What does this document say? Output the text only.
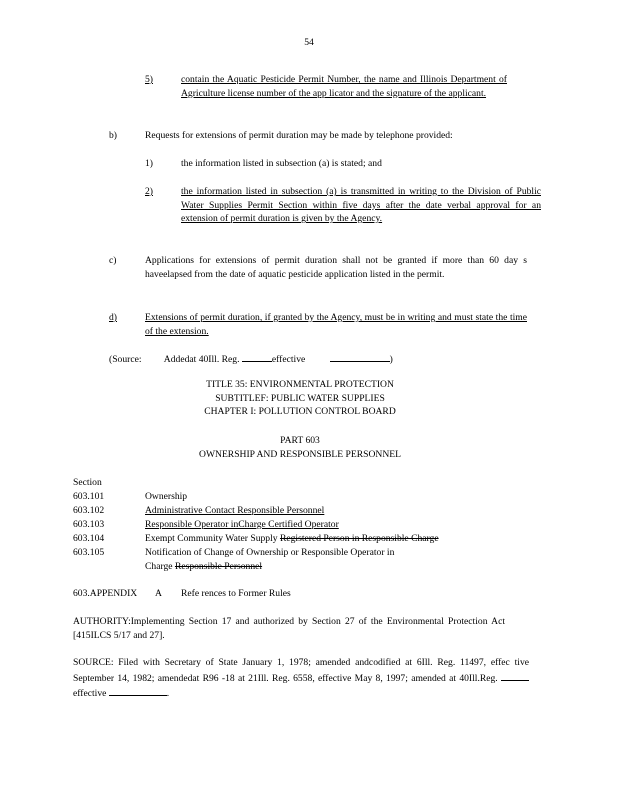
54
5)	contain the Aquatic Pesticide Permit Number, the name and Illinois Department of Agriculture license number of the app licator and the signature of the applicant.
b)	Requests for extensions of permit duration may be made by telephone provided:
1)	the information listed in subsection (a) is stated; and
2)	the information listed in subsection (a) is transmitted in writing to the Division of Public Water Supplies Permit Section within five days after the date verbal approval for an extension of permit duration is given by the Agency.
c)	Applications for extensions of permit duration shall not be granted if more than 60 day s haveelapsed from the date of aquatic pesticide application listed in the permit.
d)	Extensions of permit duration, if granted by the Agency, must be in writing and must state the time of the extension.
(Source: Addedat 40Ill. Reg.	effective	)
TITLE 35: ENVIRONMENTAL PROTECTION
SUBTITLEF: PUBLIC WATER SUPPLIES
CHAPTER I: POLLUTION CONTROL BOARD
PART 603
OWNERSHIP AND RESPONSIBLE PERSONNEL
Section
603.101	Ownership
603.102	Administrative Contact Responsible Personnel
603.103	Responsible Operator inCharge Certified Operator
603.104	Exempt Community Water Supply Registered Person in Responsible Charge
603.105	Notification of Change of Ownership or Responsible Operator in
Charge Responsible Personnel
603.APPENDIX A Refe rences to Former Rules
AUTHORITY:Implementing Section 17 and authorized by Section 27 of the Environmental Protection Act [415ILCS 5/17 and 27].
SOURCE: Filed with Secretary of State January 1, 1978; amended andcodified at 6Ill. Reg. 11497, effec tive September 14, 1982; amendedat R96 -18 at 21Ill. Reg. 6558, effective May 8, 1997; amended at 40Ill.Reg. effective	.
